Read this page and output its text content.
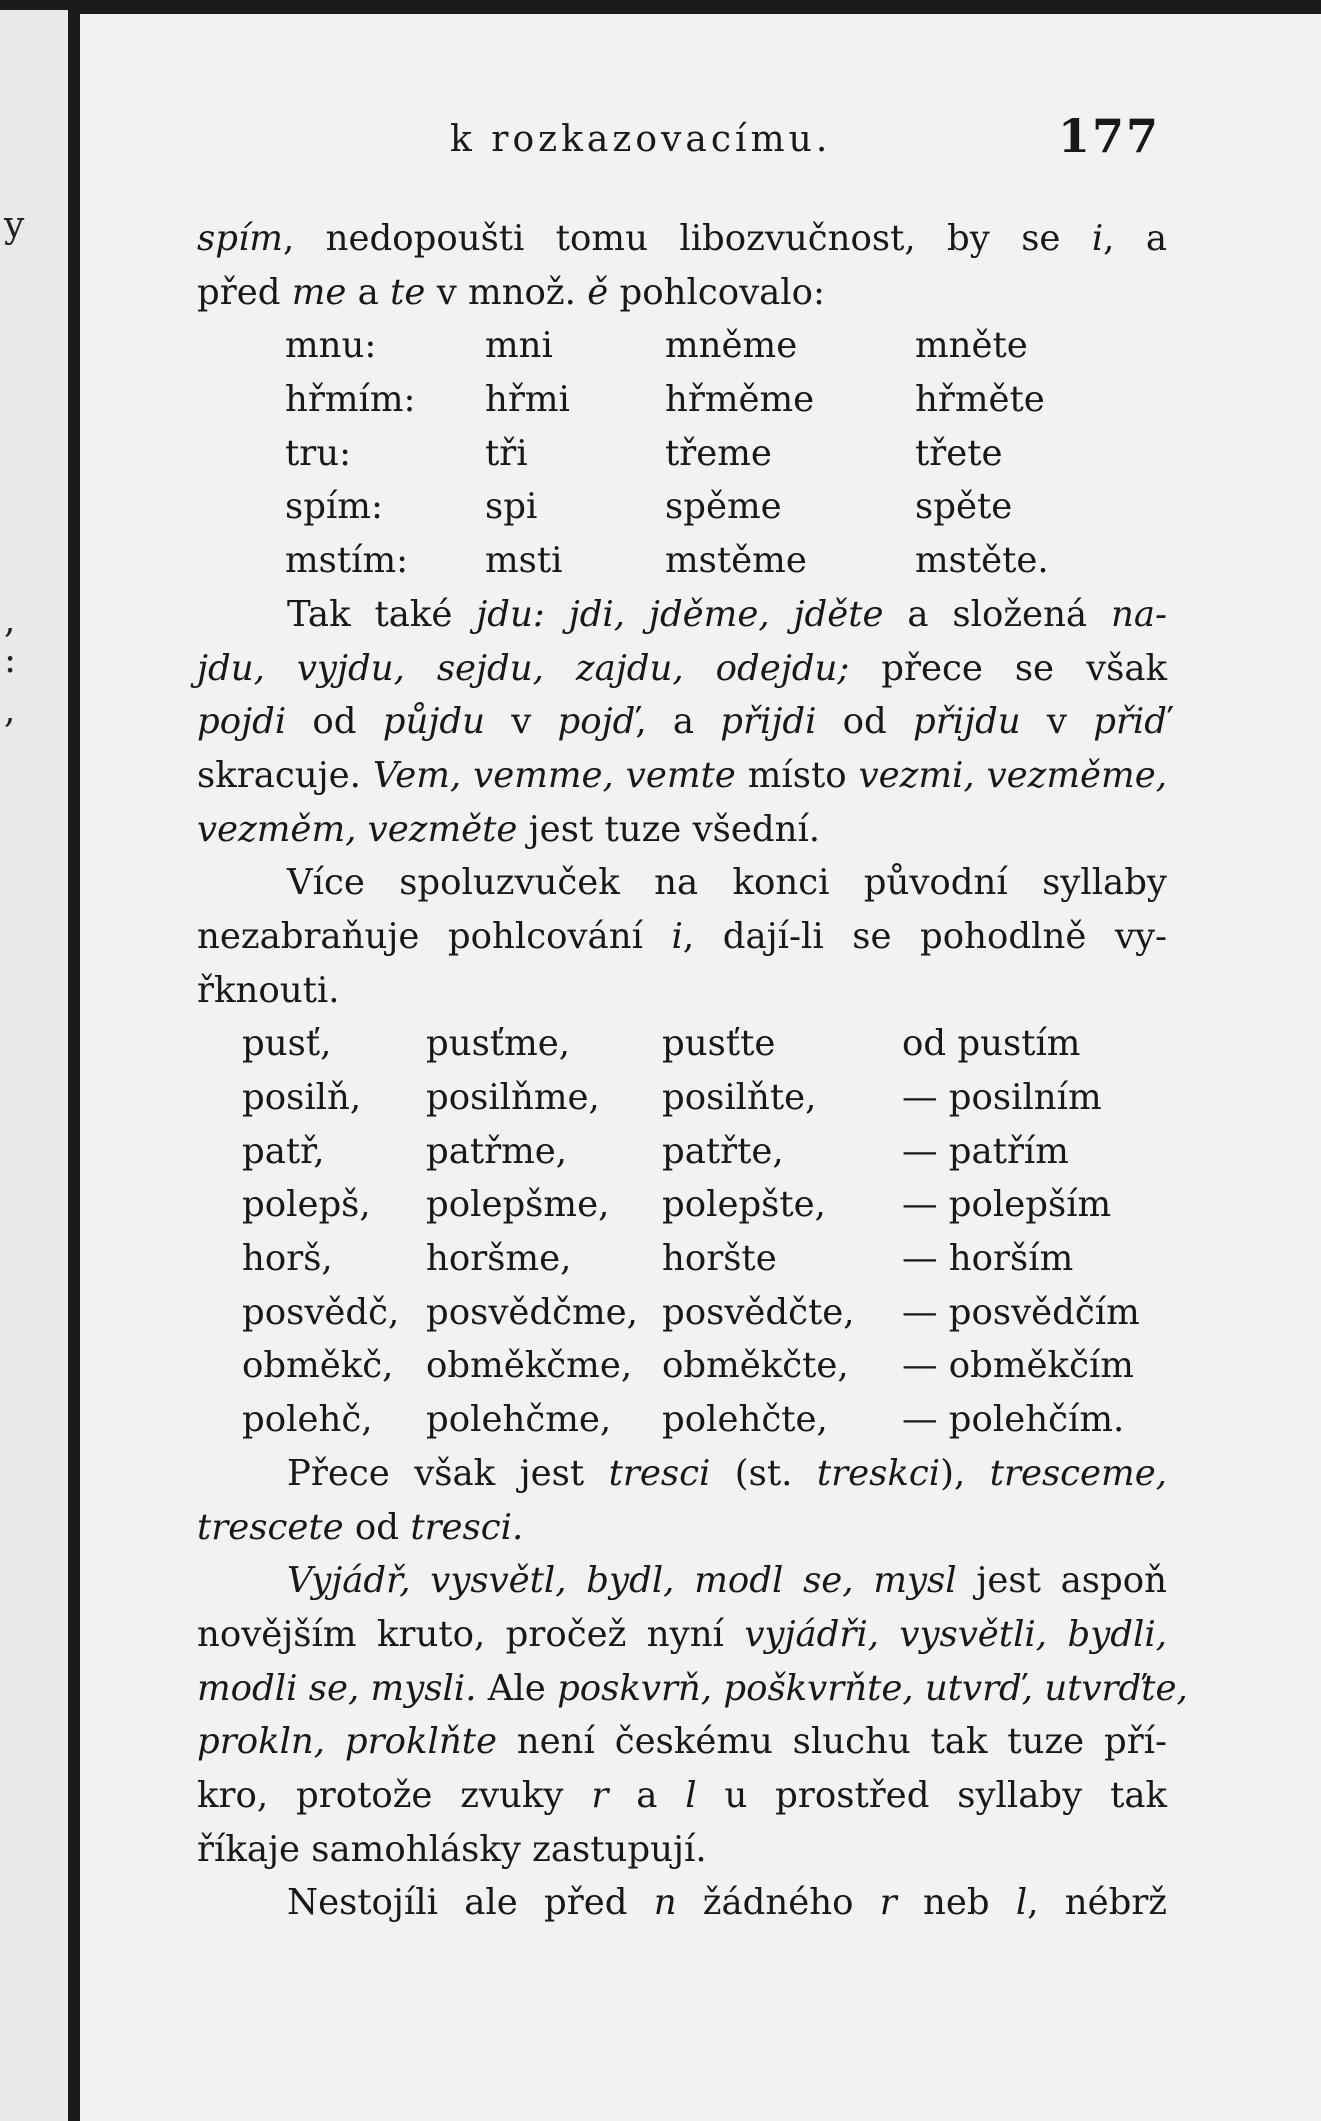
y
,
:
,
k rozkazovacímu.	177
spím, nedopoušti tomu libozvučnost, by se i, a
před me a te v množ. ě pohlcovalo:
mnu:	mni	mněme	mněte
hřmím: hřmi	hřměme	hřměte
tru:	tři	třeme	třete
spím:	spi	spěme	spěte
mstím: msti	mstěme	mstěte.
Tak také jdu: jdi, jděme, jděte a složená na-
jdu, vyjdu, sejdu, zajdu, odejdu; přece se však
pojdi od půjdu v pojď, a přijdi od přijdu v přiď
skracuje. Vem, vemme, vemte místo vezmi, vezměme,
vezměm, vezměte jest tuze všední.
Více spoluzvuček na konci původní syllaby
nezabraňuje pohlcování i, dají-li se pohodlně vy-
řknouti.
pusť,	pusťme,	pusťte	od pustím
posilň, posilňme, posilňte, — posilním
patř,	patřme,	patřte,	— patřím
polepš, polepšme, polepšte, — polepším
horš,	horšme,	horšte	— horším
posvědč, posvědčme, posvědčte, — posvědčím
obměkč, obměkčme, obměkčte, — obměkčím
polehč, polehčme, polehčte, — polehčím.
Přece však jest tresci (st. treskci), tresceme,
trescete od tresci.
Vyjádř, vysvětl, bydl, modl se, mysl jest aspoň
novějším kruto, pročež nyní vyjádři, vysvětli, bydli,
modli se, mysli. Ale poskvrň, poškvrňte, utvrď, utvrďte,
prokln, proklňte není českému sluchu tak tuze pří-
kro, protože zvuky r a l u prostřed syllaby tak
říkaje samohlásky zastupují.
Nestojíli ale před n žádného r neb l, nébrž
